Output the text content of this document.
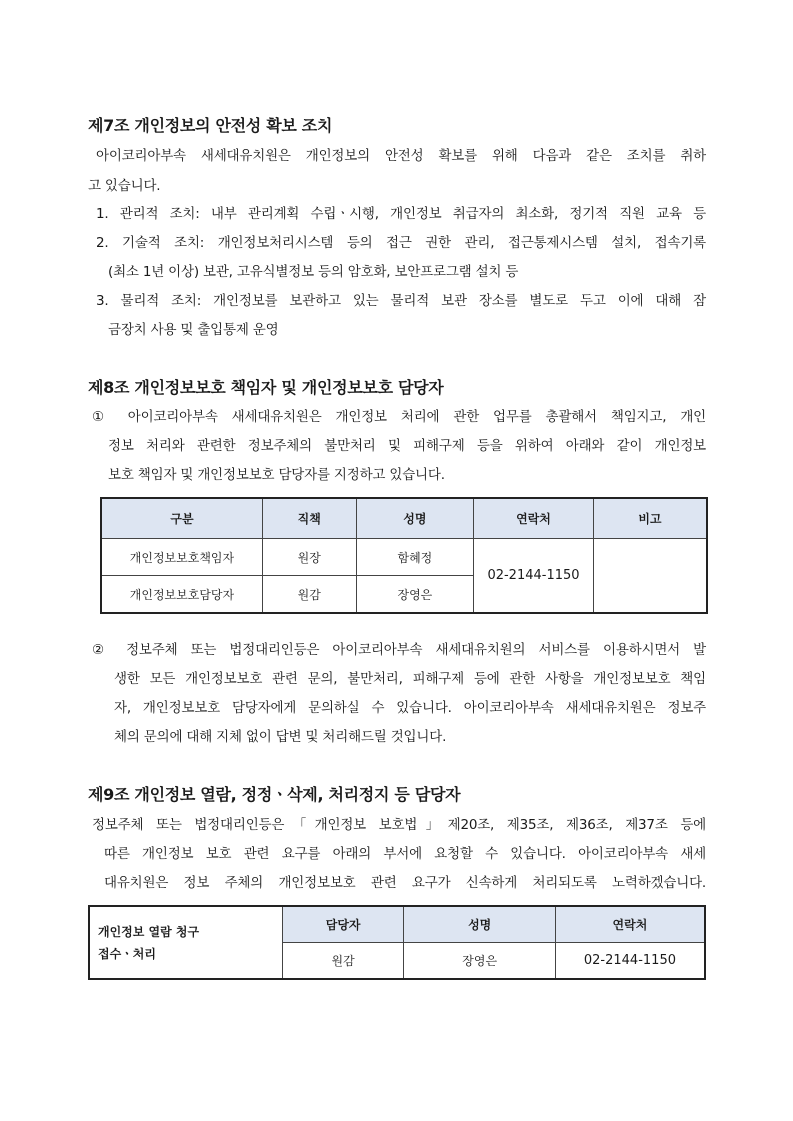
제7조 개인정보의 안전성 확보 조치

아이코리아부속 새세대유치원은 개인정보의 안전성 확보를 위해 다음과 같은 조치를 취하

고 있습니다.

1. 관리적 조치: 내부 관리계획 수립ㆍ시행, 개인정보 취급자의 최소화, 정기적 직원 교육 등

2. 기술적 조치: 개인정보처리시스템 등의 접근 권한 관리, 접근통제시스템 설치, 접속기록

(최소 1년 이상) 보관, 고유식별정보 등의 암호화, 보안프로그램 설치 등

3. 물리적 조치: 개인정보를 보관하고 있는 물리적 보관 장소를 별도로 두고 이에 대해 잠

금장치 사용 및 출입통제 운영

제8조 개인정보보호 책임자 및 개인정보보호 담당자

① 아이코리아부속 새세대유치원은 개인정보 처리에 관한 업무를 총괄해서 책임지고, 개인

정보 처리와 관련한 정보주체의 불만처리 및 피해구제 등을 위하여 아래와 같이 개인정보

보호 책임자 및 개인정보보호 담당자를 지정하고 있습니다.

구분	직책	성명	연락처	비고
개인정보보호책임자	원장	함혜정	02-2144-1150	
개인정보보호담당자	원감	장영은		

② 정보주체 또는 법정대리인등은 아이코리아부속 새세대유치원의 서비스를 이용하시면서 발

생한 모든 개인정보보호 관련 문의, 불만처리, 피해구제 등에 관한 사항을 개인정보보호 책임

자, 개인정보보호 담당자에게 문의하실 수 있습니다. 아이코리아부속 새세대유치원은 정보주

체의 문의에 대해 지체 없이 답변 및 처리해드릴 것입니다.

제9조 개인정보 열람, 정정ㆍ삭제, 처리정지 등 담당자

정보주체 또는 법정대리인등은「개인정보 보호법」제20조, 제35조, 제36조, 제37조 등에

따른 개인정보 보호 관련 요구를 아래의 부서에 요청할 수 있습니다. 아이코리아부속 새세

대유치원은 정보 주체의 개인정보보호 관련 요구가 신속하게 처리되도록 노력하겠습니다.

개인정보 열람 청구
접수ㆍ처리	담당자	성명	연락처
	원감	장영은	02-2144-1150
